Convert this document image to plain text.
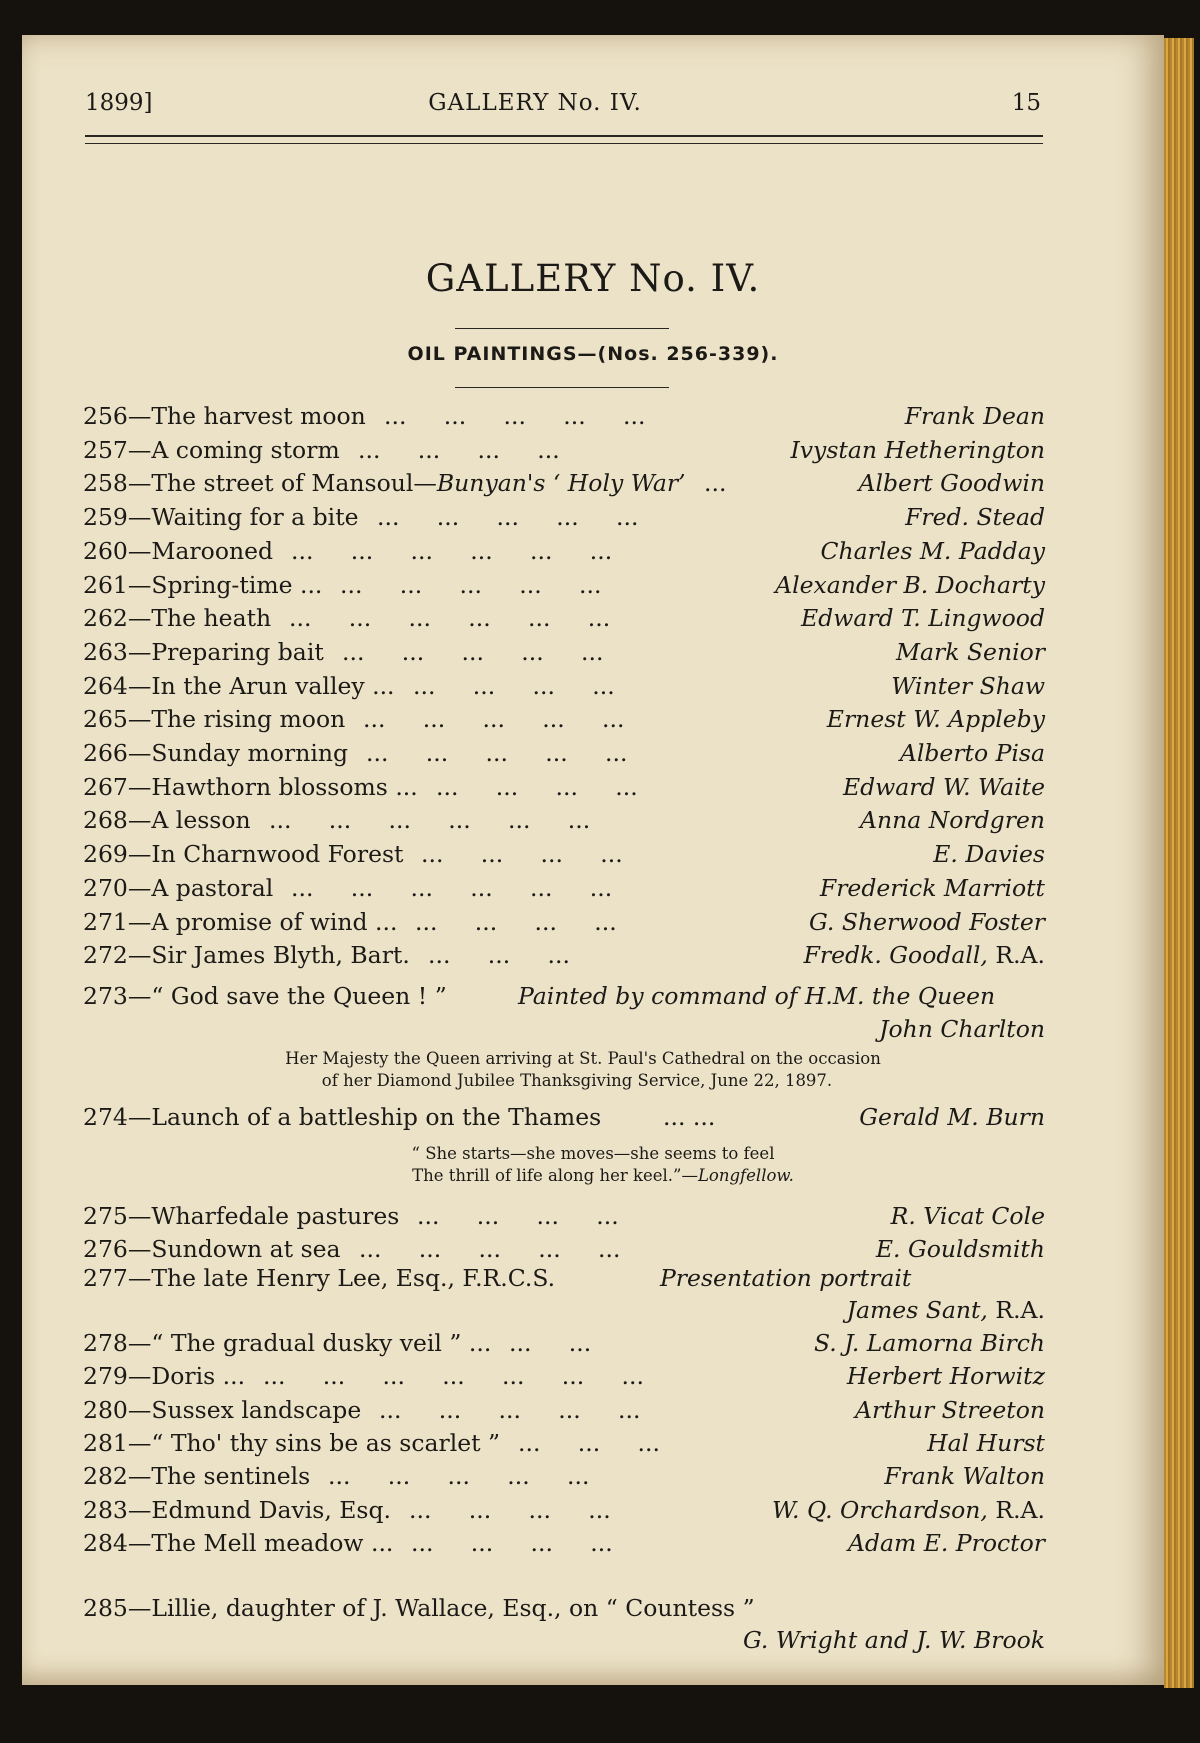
1899]	GALLERY No. IV.	15
GALLERY No. IV.
OIL PAINTINGS—(Nos. 256-339).
256—The harvest moon ...     ...     ...     ...     ...	Frank Dean
257—A coming storm ...     ...     ...     ...	Ivystan Hetherington
258—The street of Mansoul—Bunyan's ‘ Holy War’ ...	Albert Goodwin
259—Waiting for a bite ...     ...     ...     ...     ...	Fred. Stead
260—Marooned ...     ...     ...     ...     ...     ...	Charles M. Padday
261—Spring-time ... ...     ...     ...     ...     ...	Alexander B. Docharty
262—The heath ...     ...     ...     ...     ...     ...	Edward T. Lingwood
263—Preparing bait ...     ...     ...     ...     ...	Mark Senior
264—In the Arun valley ... ...     ...     ...     ...	Winter Shaw
265—The rising moon ...     ...     ...     ...     ...	Ernest W. Appleby
266—Sunday morning ...     ...     ...     ...     ...	Alberto Pisa
267—Hawthorn blossoms ... ...     ...     ...     ...	Edward W. Waite
268—A lesson ...     ...     ...     ...     ...     ...	Anna Nordgren
269—In Charnwood Forest ...     ...     ...     ...	E. Davies
270—A pastoral ...     ...     ...     ...     ...     ...	Frederick Marriott
271—A promise of wind ... ...     ...     ...     ...	G. Sherwood Foster
272—Sir James Blyth, Bart. ...     ...     ...	Fredk. Goodall, R.A.
273—“ God save the Queen ! ”	Painted by command of H.M. the Queen
John Charlton
Her Majesty the Queen arriving at St. Paul's Cathedral on the occasion
of her Diamond Jubilee Thanksgiving Service, June 22, 1897.
274—Launch of a battleship on the Thames	... ...	Gerald M. Burn
“ She starts—she moves—she seems to feel
The thrill of life along her keel.”—Longfellow.
275—Wharfedale pastures ...     ...     ...     ...	R. Vicat Cole
276—Sundown at sea ...     ...     ...     ...     ...	E. Gouldsmith
277—The late Henry Lee, Esq., F.R.C.S.	Presentation portrait
James Sant, R.A.
278—“ The gradual dusky veil ” ... ...     ...	S. J. Lamorna Birch
279—Doris ... ...     ...     ...     ...     ...     ...     ...	Herbert Horwitz
280—Sussex landscape ...     ...     ...     ...     ...	Arthur Streeton
281—“ Tho' thy sins be as scarlet ” ...     ...     ...	Hal Hurst
282—The sentinels ...     ...     ...     ...     ...	Frank Walton
283—Edmund Davis, Esq. ...     ...     ...     ...	W. Q. Orchardson, R.A.
284—The Mell meadow ... ...     ...     ...     ...	Adam E. Proctor
285—Lillie, daughter of J. Wallace, Esq., on “ Countess ”
G. Wright and J. W. Brook
